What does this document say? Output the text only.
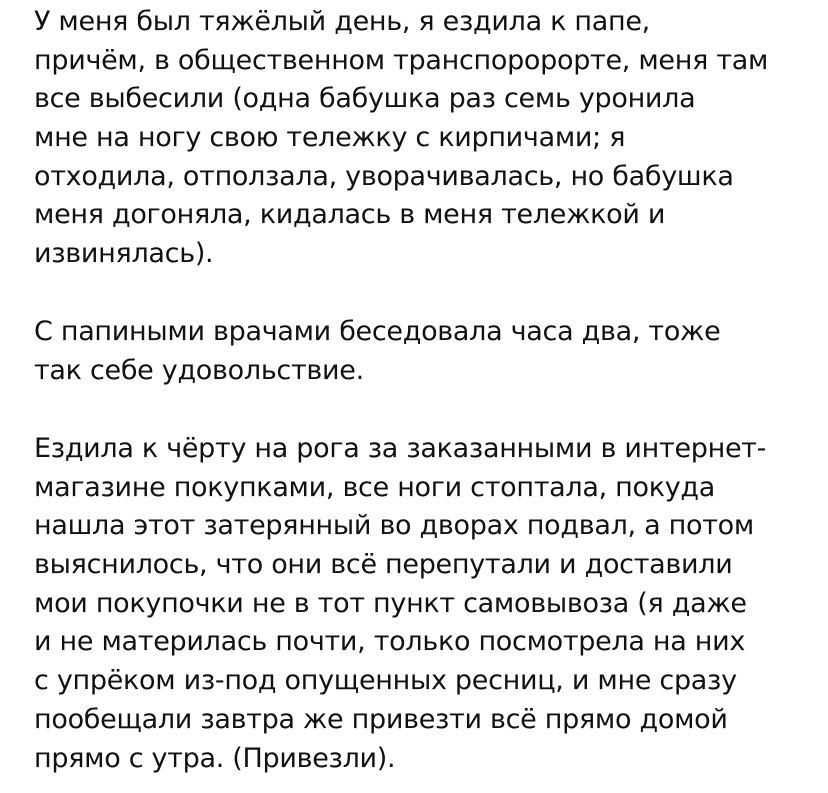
У меня был тяжёлый день, я ездила к папе,
причём, в общественном транспоророрте, меня там
все выбесили (одна бабушка раз семь уронила
мне на ногу свою тележку с кирпичами; я
отходила, отползала, уворачивалась, но бабушка
меня догоняла, кидалась в меня тележкой и
извинялась).
С папиными врачами беседовала часа два, тоже
так себе удовольствие.
Ездила к чёрту на рога за заказанными в интернет-
магазине покупками, все ноги стоптала, покуда
нашла этот затерянный во дворах подвал, а потом
выяснилось, что они всё перепутали и доставили
мои покупочки не в тот пункт самовывоза (я даже
и не материлась почти, только посмотрела на них
с упрёком из-под опущенных ресниц, и мне сразу
пообещали завтра же привезти всё прямо домой
прямо с утра. (Привезли).
